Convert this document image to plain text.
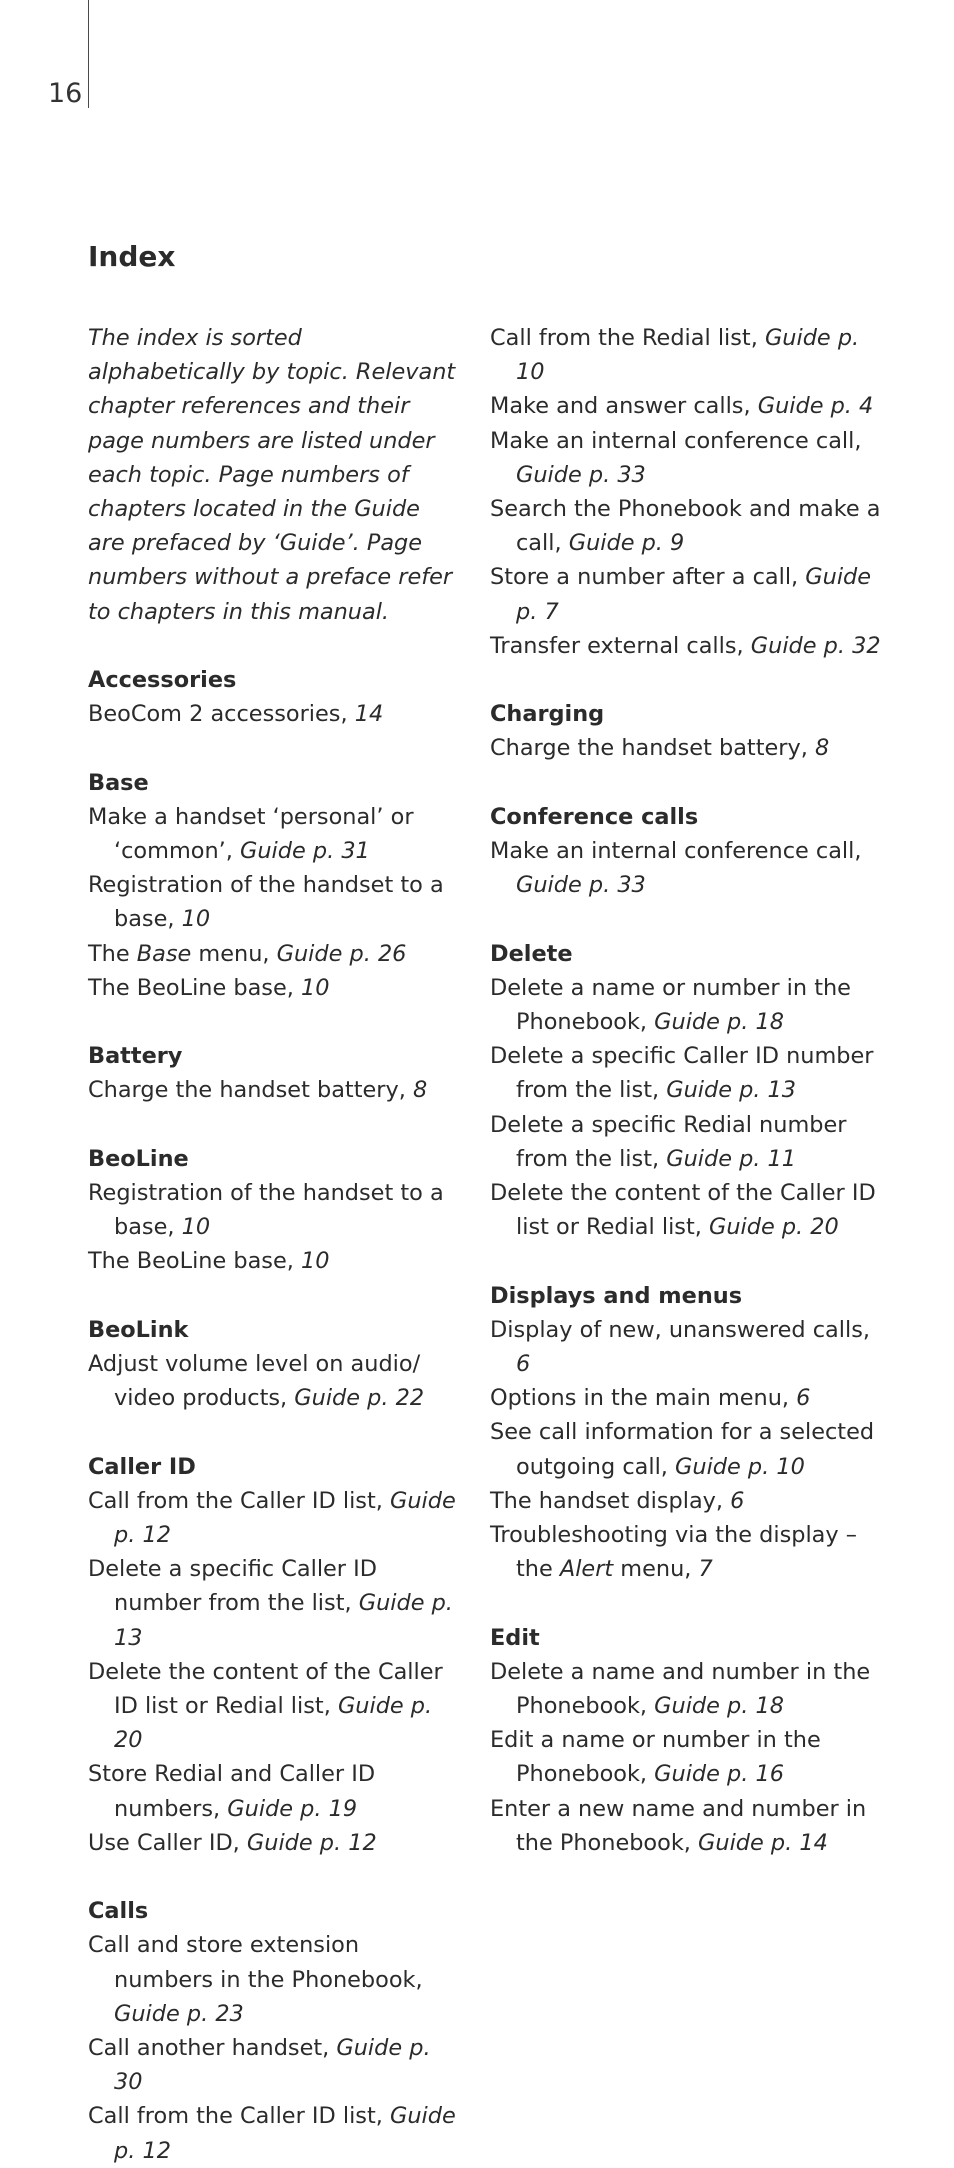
16
Index

The index is sorted alphabetically by topic. Relevant chapter references and their page numbers are listed under each topic. Page numbers of chapters located in the Guide are prefaced by ‘Guide’. Page numbers without a preface refer to chapters in this manual.

Accessories

BeoCom 2 accessories, 14

Base

Make a handset ‘personal’ or ‘common’, Guide p. 31

Registration of the handset to a base, 10

The Base menu, Guide p. 26

The BeoLine base, 10

Battery

Charge the handset battery, 8

BeoLine

Registration of the handset to a base, 10

The BeoLine base, 10

BeoLink

Adjust volume level on audio/ video products, Guide p. 22

Caller ID

Call from the Caller ID list, Guide p. 12

Delete a specific Caller ID number from the list, Guide p. 13

Delete the content of the Caller ID list or Redial list, Guide p. 20

Store Redial and Caller ID numbers, Guide p. 19

Use Caller ID, Guide p. 12

Calls

Call and store extension numbers in the Phonebook, Guide p. 23

Call another handset, Guide p. 30

Call from the Caller ID list, Guide p. 12

Call from the Redial list, Guide p. 10

Make and answer calls, Guide p. 4

Make an internal conference call, Guide p. 33

Search the Phonebook and make a call, Guide p. 9

Store a number after a call, Guide p. 7

Transfer external calls, Guide p. 32

Charging

Charge the handset battery, 8

Conference calls

Make an internal conference call, Guide p. 33

Delete

Delete a name or number in the Phonebook, Guide p. 18

Delete a specific Caller ID number from the list, Guide p. 13

Delete a specific Redial number from the list, Guide p. 11

Delete the content of the Caller ID list or Redial list, Guide p. 20

Displays and menus

Display of new, unanswered calls, 6

Options in the main menu, 6

See call information for a selected outgoing call, Guide p. 10

The handset display, 6

Troubleshooting via the display – the Alert menu, 7

Edit

Delete a name and number in the Phonebook, Guide p. 18

Edit a name or number in the Phonebook, Guide p. 16

Enter a new name and number in the Phonebook, Guide p. 14
